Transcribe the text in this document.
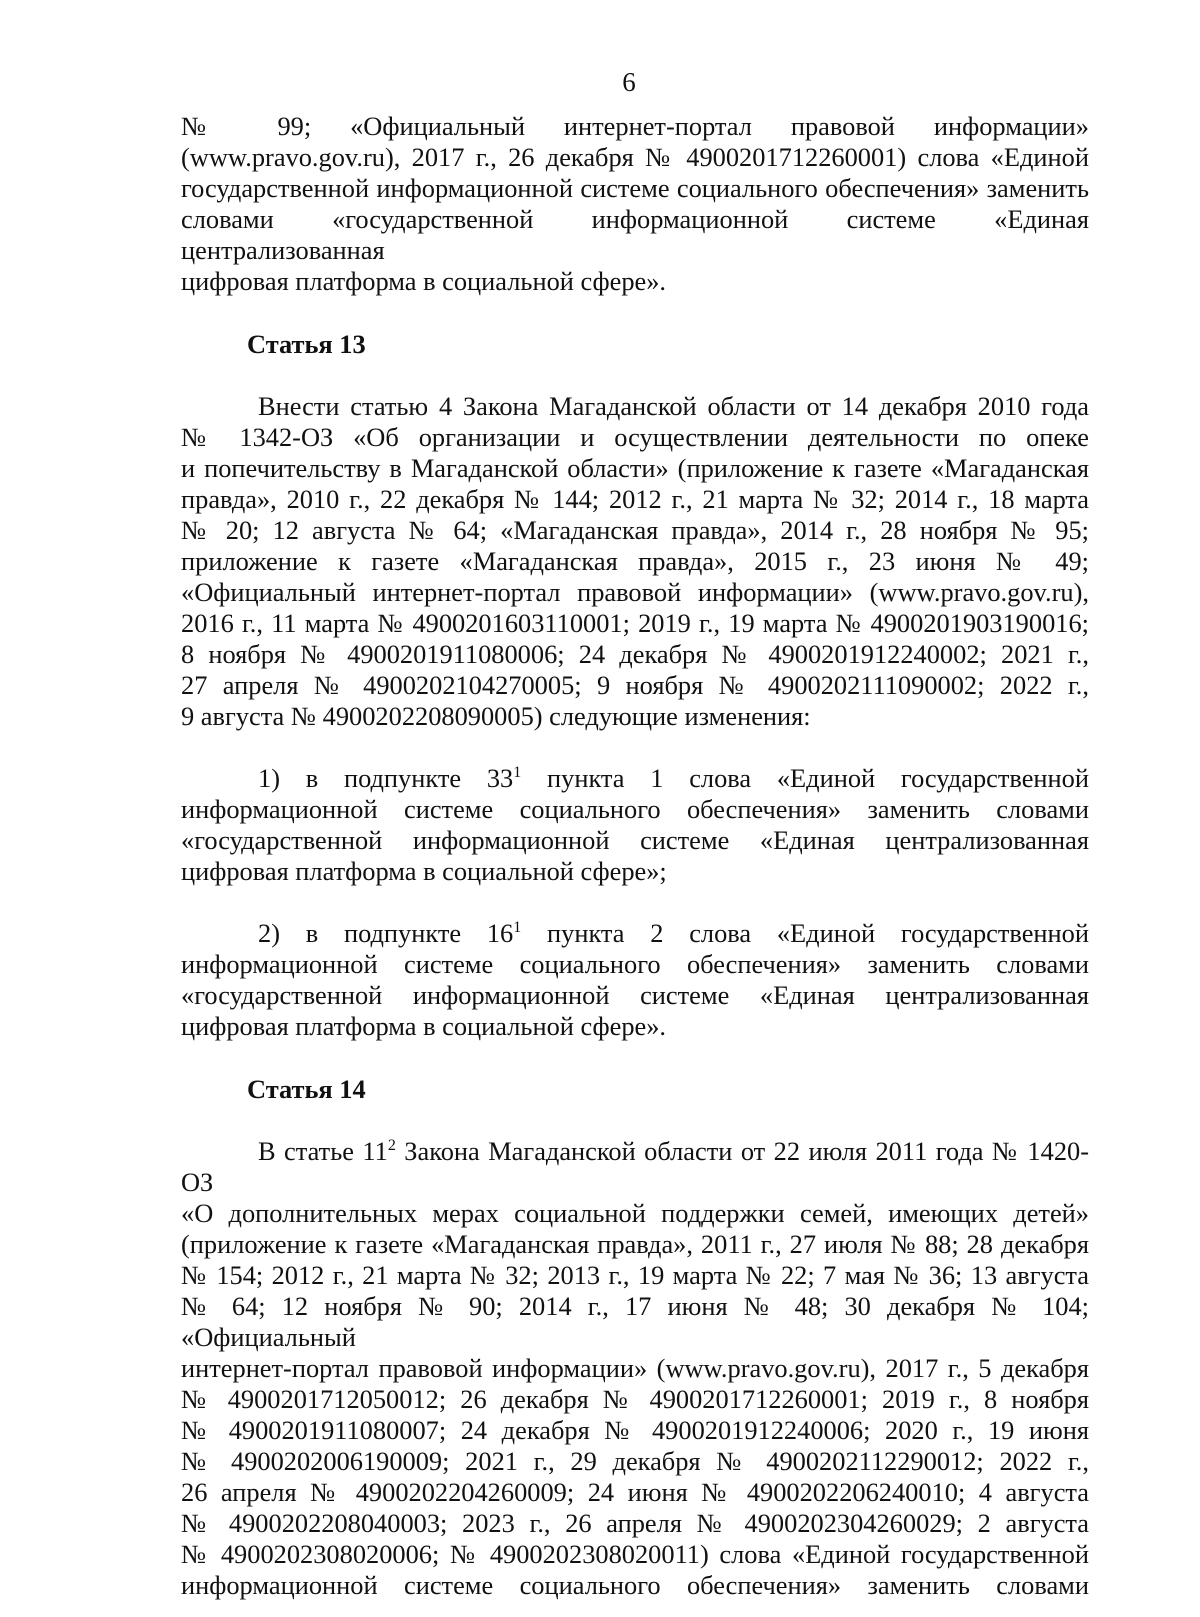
6

№ 99; «Официальный интернет-портал правовой информации»

(www.pravo.gov.ru), 2017 г., 26 декабря № 4900201712260001) слова «Единой

государственной информационной системе социального обеспечения» заменить

словами «государственной информационной системе «Единая централизованная

цифровая платформа в социальной сфере».

Статья 13

Внести статью 4 Закона Магаданской области от 14 декабря 2010 года

№ 1342-ОЗ «Об организации и осуществлении деятельности по опеке

и попечительству в Магаданской области» (приложение к газете «Магаданская

правда», 2010 г., 22 декабря № 144; 2012 г., 21 марта № 32; 2014 г., 18 марта

№ 20; 12 августа № 64; «Магаданская правда», 2014 г., 28 ноября № 95;

приложение к газете «Магаданская правда», 2015 г., 23 июня № 49;

«Официальный интернет-портал правовой информации» (www.pravo.gov.ru),

2016 г., 11 марта № 4900201603110001; 2019 г., 19 марта № 4900201903190016;

8 ноября № 4900201911080006; 24 декабря № 4900201912240002; 2021 г.,

27 апреля № 4900202104270005; 9 ноября № 4900202111090002; 2022 г.,

9 августа № 4900202208090005) следующие изменения:

1) в подпункте $33^1$ пункта 1 слова «Единой государственной

информационной системе социального обеспечения» заменить словами

«государственной информационной системе «Единая централизованная

цифровая платформа в социальной сфере»;

2) в подпункте $16^1$ пункта 2 слова «Единой государственной

информационной системе социального обеспечения» заменить словами

«государственной информационной системе «Единая централизованная

цифровая платформа в социальной сфере».

Статья 14

В статье $11^2$ Закона Магаданской области от 22 июля 2011 года № 1420-ОЗ

«О дополнительных мерах социальной поддержки семей, имеющих детей»

(приложение к газете «Магаданская правда», 2011 г., 27 июля № 88; 28 декабря

№ 154; 2012 г., 21 марта № 32; 2013 г., 19 марта № 22; 7 мая № 36; 13 августа

№ 64; 12 ноября № 90; 2014 г., 17 июня № 48; 30 декабря № 104; «Официальный

интернет-портал правовой информации» (www.pravo.gov.ru), 2017 г., 5 декабря

№ 4900201712050012; 26 декабря № 4900201712260001; 2019 г., 8 ноября

№ 4900201911080007; 24 декабря № 4900201912240006; 2020 г., 19 июня

№ 4900202006190009; 2021 г., 29 декабря № 4900202112290012; 2022 г.,

26 апреля № 4900202204260009; 24 июня № 4900202206240010; 4 августа

№ 4900202208040003; 2023 г., 26 апреля № 4900202304260029; 2 августа

№ 4900202308020006; № 4900202308020011) слова «Единой государственной

информационной системе социального обеспечения» заменить словами
